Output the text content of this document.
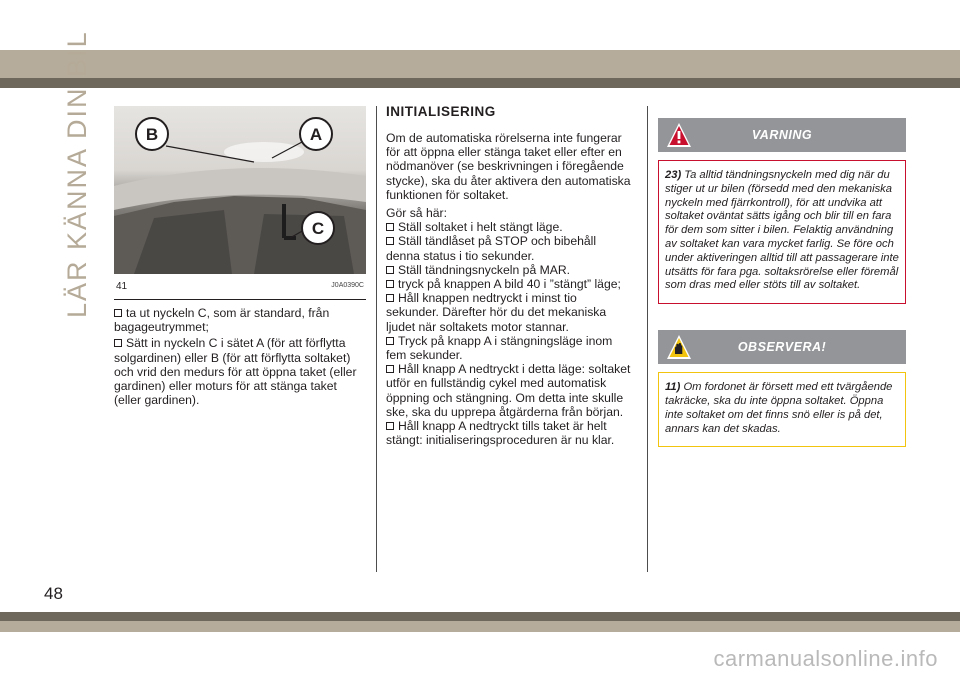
LÄR KÄNNA DIN BIL
48
B	A
C
41	J0A0390C

ta ut nyckeln C, som är standard, från bagageutrymmet;

Sätt in nyckeln C i sätet A (för att förflytta solgardinen) eller B (för att förflytta soltaket) och vrid den medurs för att öppna taket (eller gardinen) eller moturs för att stänga taket (eller gardinen).

INITIALISERING

Om de automatiska rörelserna inte fungerar för att öppna eller stänga taket eller efter en nödmanöver (se beskrivningen i föregående stycke), ska du åter aktivera den automatiska funktionen för soltaket.

Gör så här:

Ställ soltaket i helt stängt läge.

Ställ tändlåset på STOP och bibehåll denna status i tio sekunder.

Ställ tändningsnyckeln på MAR.

tryck på knappen A bild 40 i ”stängt” läge;

Håll knappen nedtryckt i minst tio sekunder. Därefter hör du det mekaniska ljudet när soltakets motor stannar.

Tryck på knapp A i stängningsläge inom fem sekunder.

Håll knapp A nedtryckt i detta läge: soltaket utför en fullständig cykel med automatisk öppning och stängning. Om detta inte skulle ske, ska du upprepa åtgärderna från början.

Håll knapp A nedtryckt tills taket är helt stängt: initialiseringsproceduren är nu klar.

VARNING
23) Ta alltid tändningsnyckeln med dig när du stiger ut ur bilen (försedd med den mekaniska nyckeln med fjärrkontroll), för att undvika att soltaket oväntat sätts igång och blir till en fara för dem som sitter i bilen. Felaktig användning av soltaket kan vara mycket farlig. Se före och under aktiveringen alltid till att passagerare inte utsätts för fara pga. soltaksrörelse eller föremål som dras med eller stöts till av soltaket.
OBSERVERA!
11) Om fordonet är försett med ett tvärgående takräcke, ska du inte öppna soltaket. Öppna inte soltaket om det finns snö eller is på det, annars kan det skadas.
carmanualsonline.info
